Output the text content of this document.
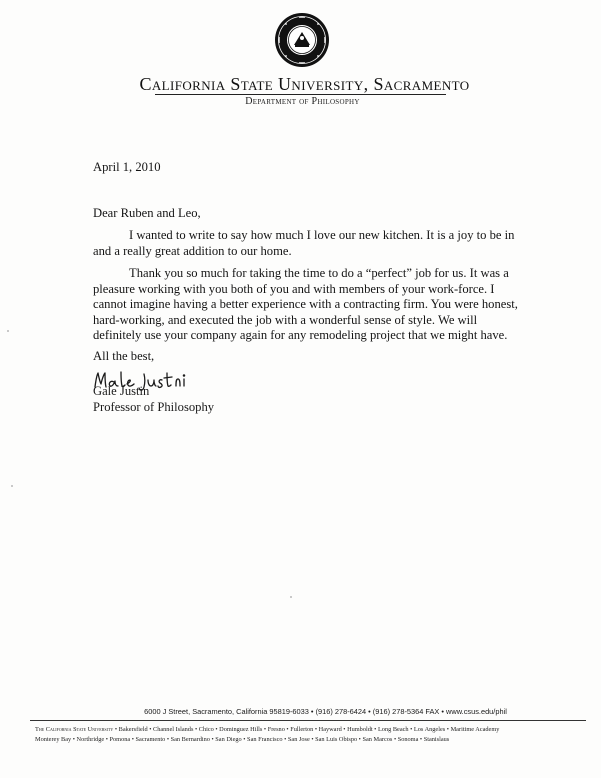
California State University, Sacramento
Department of Philosophy
April 1, 2010
Dear Ruben and Leo,
I wanted to write to say how much I love our new kitchen. It is a joy to be in and a really great addition to our home.
Thank you so much for taking the time to do a “perfect” job for us. It was a pleasure working with you both of you and with members of your work-force. I cannot imagine having a better experience with a contracting firm. You were honest, hard-working, and executed the job with a wonderful sense of style. We will definitely use your company again for any remodeling project that we might have.
All the best,
Gale Justin
Professor of Philosophy
6000 J Street, Sacramento, California 95819-6033 • (916) 278-6424 • (916) 278-5364 FAX • www.csus.edu/phil
The California State University • Bakersfield • Channel Islands • Chico • Dominguez Hills • Fresno • Fullerton • Hayward • Humboldt • Long Beach • Los Angeles • Maritime Academy
Monterey Bay • Northridge • Pomona • Sacramento • San Bernardino • San Diego • San Francisco • San Jose • San Luis Obispo • San Marcos • Sonoma • Stanislaus
